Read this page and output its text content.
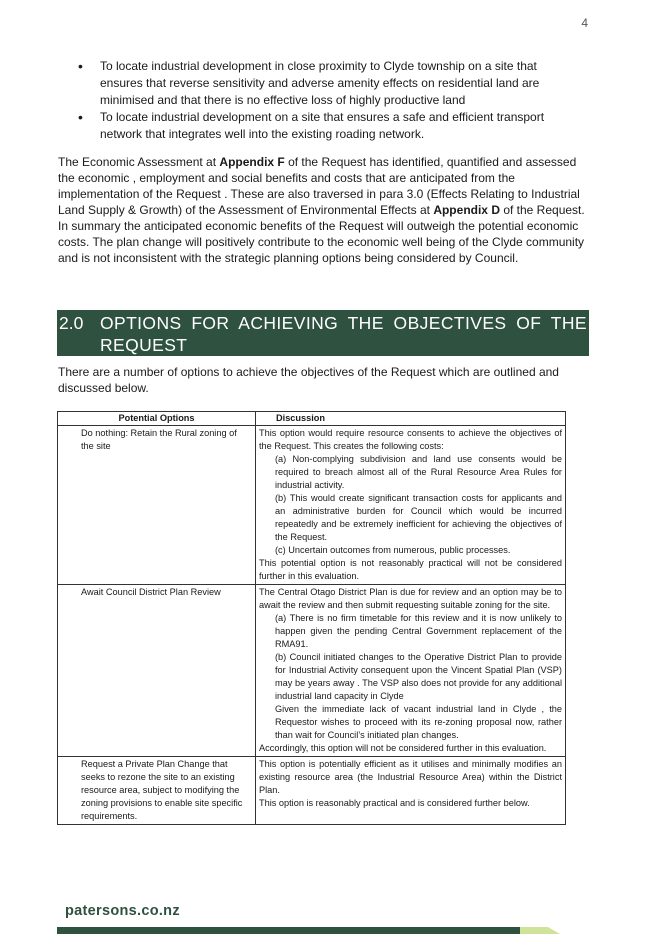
4
• To locate industrial development in close proximity to Clyde township on a site that ensures that reverse sensitivity and adverse amenity effects on residential land are minimised and that there is no effective loss of highly productive land
• To locate industrial development on a site that ensures a safe and efficient transport network that integrates well into the existing roading network.

The Economic Assessment at Appendix F of the Request has identified, quantified and assessed the economic , employment and social benefits and costs that are anticipated from the implementation of the Request . These are also traversed in para 3.0 (Effects Relating to Industrial Land Supply & Growth) of the Assessment of Environmental Effects at Appendix D of the Request. In summary the anticipated economic benefits of the Request will outweigh the potential economic costs. The plan change will positively contribute to the economic well being of the Clyde community and is not inconsistent with the strategic planning options being considered by Council.

2.0 OPTIONS FOR ACHIEVING THE OBJECTIVES OF THE REQUEST

There are a number of options to achieve the objectives of the Request which are outlined and discussed below.

Potential Options	Discussion
Do nothing: Retain the Rural zoning of the site	This option would require resource consents to achieve the objectives of the Request. This creates the following costs:
(a) Non-complying subdivision and land use consents would be required to breach almost all of the Rural Resource Area Rules for industrial activity.
(b) This would create significant transaction costs for applicants and an administrative burden for Council which would be incurred repeatedly and be extremely inefficient for achieving the objectives of the Request.
(c) Uncertain outcomes from numerous, public processes.
This potential option is not reasonably practical will not be considered further in this evaluation.

Await Council District Plan Review	The Central Otago District Plan is due for review and an option may be to await the review and then submit requesting suitable zoning for the site.
(a) There is no firm timetable for this review and it is now unlikely to happen given the pending Central Government replacement of the RMA91.
(b) Council initiated changes to the Operative District Plan to provide for Industrial Activity consequent upon the Vincent Spatial Plan (VSP) may be years away . The VSP also does not provide for any additional industrial land capacity in Clyde
Given the immediate lack of vacant industrial land in Clyde , the Requestor wishes to proceed with its re-zoning proposal now, rather than wait for Council’s initiated plan changes.
Accordingly, this option will not be considered further in this evaluation.

Request a Private Plan Change that seeks to rezone the site to an existing resource area, subject to modifying the zoning provisions to enable site specific requirements.	This option is potentially efficient as it utilises and minimally modifies an existing resource area (the Industrial Resource Area) within the District Plan.
This option is reasonably practical and is considered further below.
patersons.co.nz
